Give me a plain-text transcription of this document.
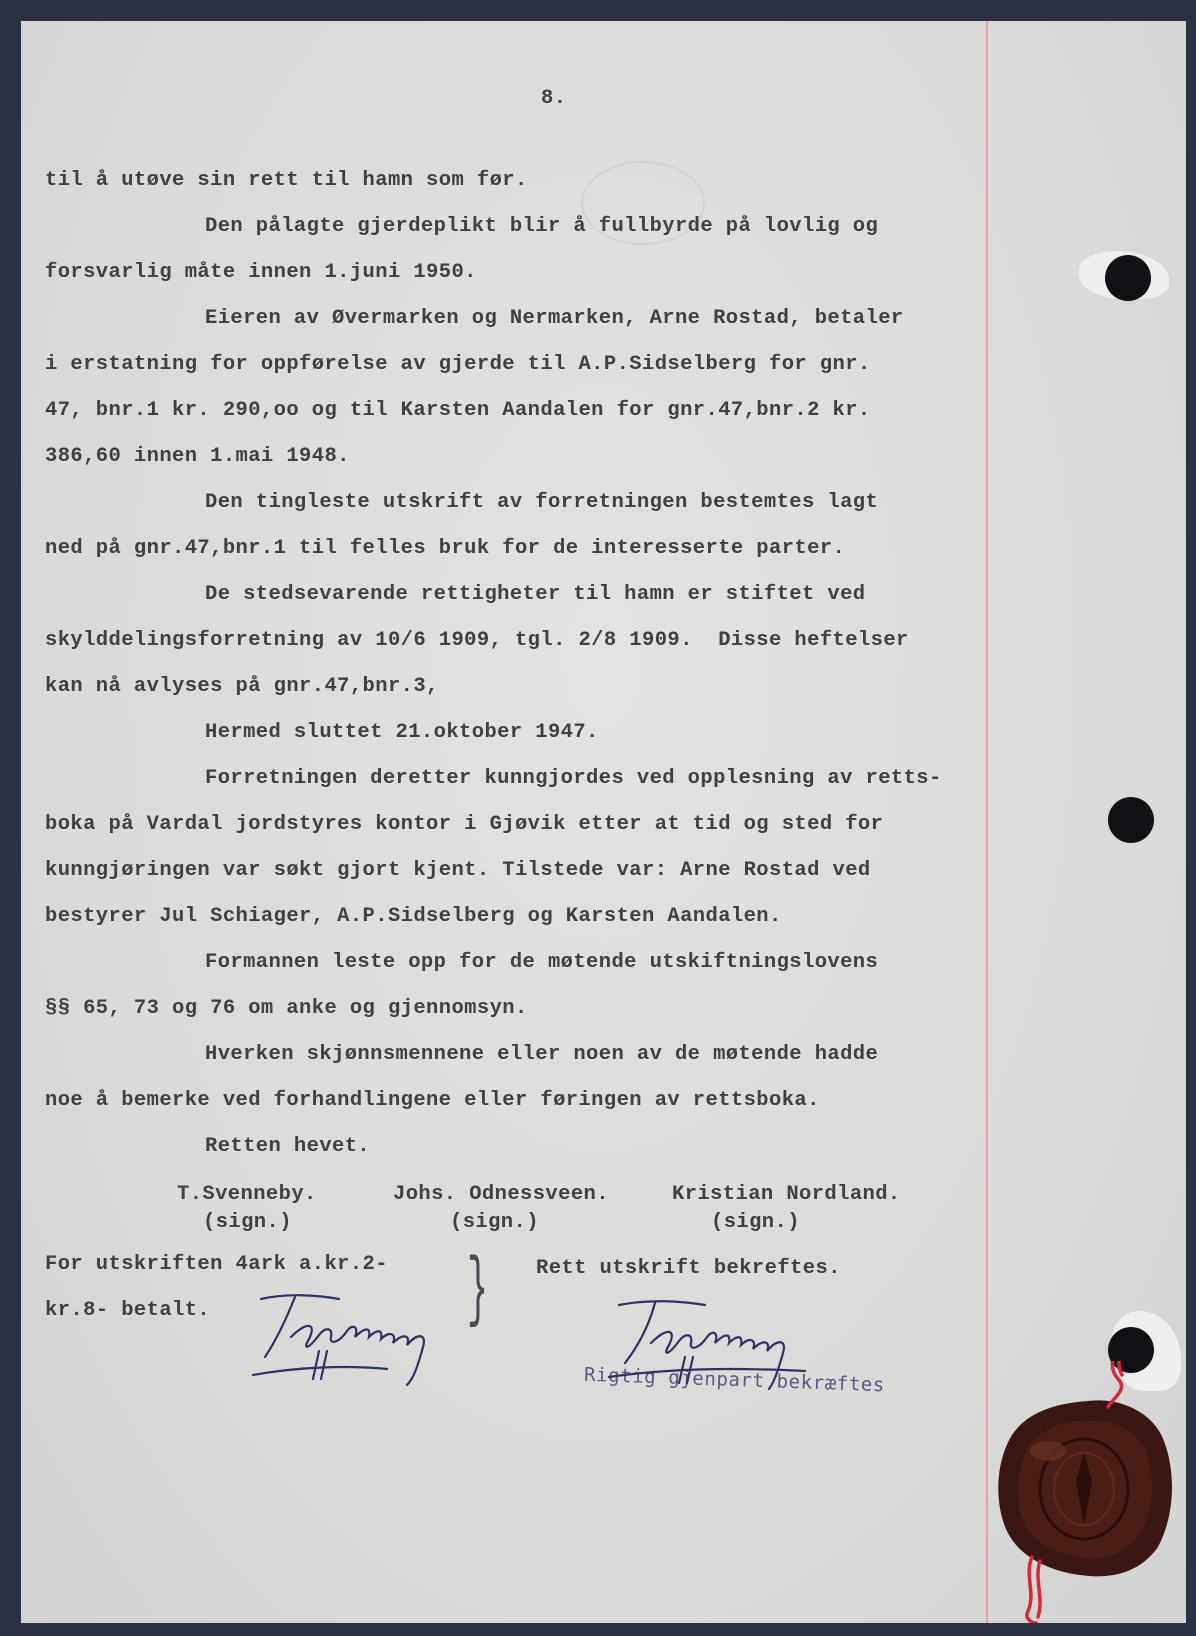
8.
til å utøve sin rett til hamn som før.
Den pålagte gjerdeplikt blir å fullbyrde på lovlig og
forsvarlig måte innen 1.juni 1950.
Eieren av Øvermarken og Nermarken, Arne Rostad, betaler
i erstatning for oppførelse av gjerde til A.P.Sidselberg for gnr.
47, bnr.1 kr. 290,oo og til Karsten Aandalen for gnr.47,bnr.2 kr.
386,60 innen 1.mai 1948.
Den tingleste utskrift av forretningen bestemtes lagt
ned på gnr.47,bnr.1 til felles bruk for de interesserte parter.
De stedsevarende rettigheter til hamn er stiftet ved
skylddelingsforretning av 10/6 1909, tgl. 2/8 1909.  Disse heftelser
kan nå avlyses på gnr.47,bnr.3,
Hermed sluttet 21.oktober 1947.
Forretningen deretter kunngjordes ved opplesning av retts-
boka på Vardal jordstyres kontor i Gjøvik etter at tid og sted for
kunngjøringen var søkt gjort kjent. Tilstede var: Arne Rostad ved
bestyrer Jul Schiager, A.P.Sidselberg og Karsten Aandalen.
Formannen leste opp for de møtende utskiftningslovens
§§ 65, 73 og 76 om anke og gjennomsyn.
Hverken skjønnsmennene eller noen av de møtende hadde
noe å bemerke ved forhandlingene eller føringen av rettsboka.
Retten hevet.
T.Svenneby.
(sign.)
Johs. Odnessveen.
(sign.)
Kristian Nordland.
(sign.)
For utskriften 4ark a.kr.2-
kr.8- betalt.
Rett utskrift bekreftes.
}
Rigtig gjenpart bekræftes
